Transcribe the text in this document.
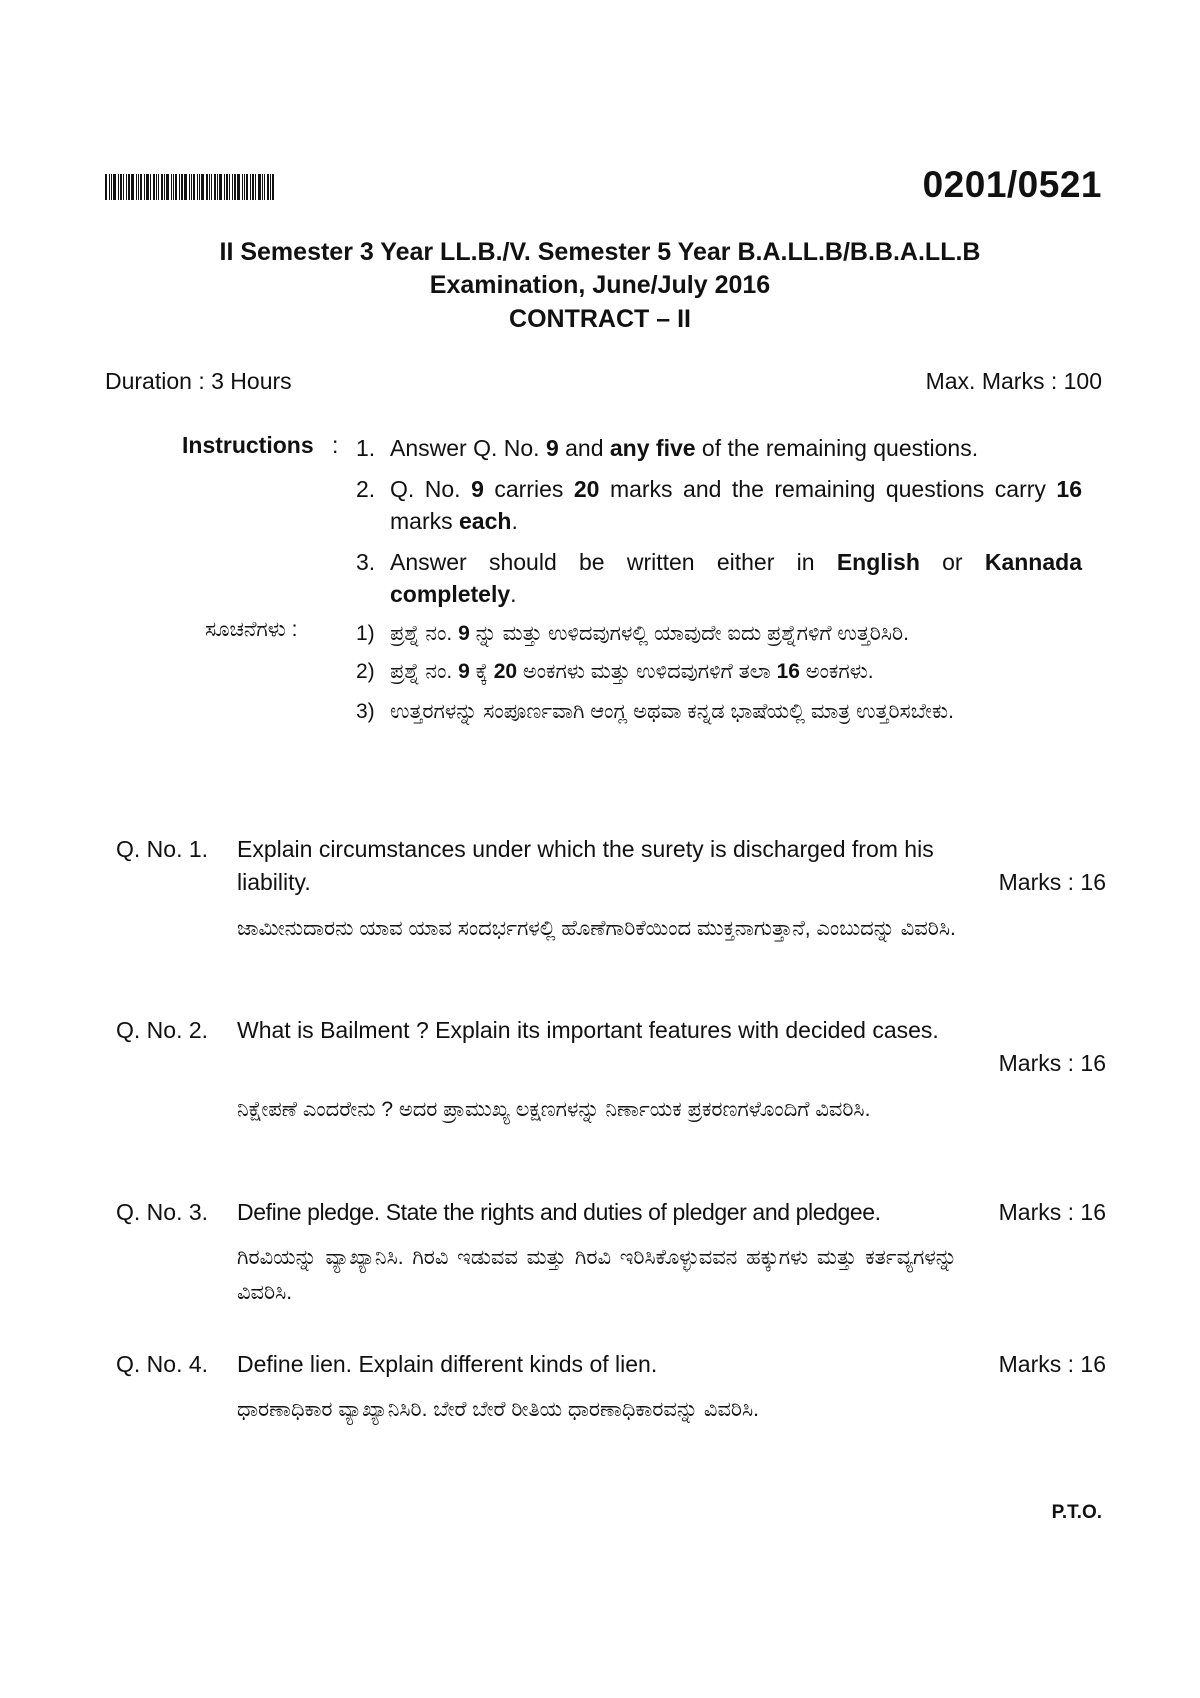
0201/0521
II Semester 3 Year LL.B./V. Semester 5 Year B.A.LL.B/B.B.A.LL.B
Examination, June/July 2016
CONTRACT – II
Duration : 3 Hours	Max. Marks : 100
Instructions : 1. Answer Q. No. 9 and any five of the remaining questions.
2. Q. No. 9 carries 20 marks and the remaining questions carry 16 marks each.
3. Answer should be written either in English or Kannada completely.
ಸೂಚನೆಗಳು :	1) ಪ್ರಶ್ನೆ ನಂ. 9 ನ್ನು ಮತ್ತು ಉಳಿದವುಗಳಲ್ಲಿ ಯಾವುದೇ ಐದು ಪ್ರಶ್ನೆಗಳಿಗೆ ಉತ್ತರಿಸಿರಿ.
2) ಪ್ರಶ್ನೆ ನಂ. 9 ಕ್ಕೆ 20 ಅಂಕಗಳು ಮತ್ತು ಉಳಿದವುಗಳಿಗೆ ತಲಾ 16 ಅಂಕಗಳು.
3) ಉತ್ತರಗಳನ್ನು ಸಂಪೂರ್ಣವಾಗಿ ಆಂಗ್ಲ ಅಥವಾ ಕನ್ನಡ ಭಾಷೆಯಲ್ಲಿ ಮಾತ್ರ ಉತ್ತರಿಸಬೇಕು.
Q. No. 1. Explain circumstances under which the surety is discharged from his liability.	Marks : 16
ಜಾಮೀನುದಾರನು ಯಾವ ಯಾವ ಸಂದರ್ಭಗಳಲ್ಲಿ ಹೊಣೆಗಾರಿಕೆಯಿಂದ ಮುಕ್ತನಾಗುತ್ತಾನೆ, ಎಂಬುದನ್ನು ವಿವರಿಸಿ.
Q. No. 2. What is Bailment ? Explain its important features with decided cases.
Marks : 16
ನಿಕ್ಷೇಪಣೆ ಎಂದರೇನು ? ಅದರ ಪ್ರಾಮುಖ್ಯ ಲಕ್ಷಣಗಳನ್ನು ನಿರ್ಣಾಯಕ ಪ್ರಕರಣಗಳೊಂದಿಗೆ ವಿವರಿಸಿ.
Q. No. 3. Define pledge. State the rights and duties of pledger and pledgee.	Marks : 16
ಗಿರವಿಯನ್ನು ವ್ಯಾಖ್ಯಾನಿಸಿ. ಗಿರವಿ ಇಡುವವ ಮತ್ತು ಗಿರವಿ ಇರಿಸಿಕೊಳ್ಳುವವನ ಹಕ್ಕುಗಳು ಮತ್ತು ಕರ್ತವ್ಯಗಳನ್ನು ವಿವರಿಸಿ.
Q. No. 4. Define lien. Explain different kinds of lien.	Marks : 16
ಧಾರಣಾಧಿಕಾರ ವ್ಯಾಖ್ಯಾನಿಸಿರಿ. ಬೇರೆ ಬೇರೆ ರೀತಿಯ ಧಾರಣಾಧಿಕಾರವನ್ನು ವಿವರಿಸಿ.
P.T.O.
